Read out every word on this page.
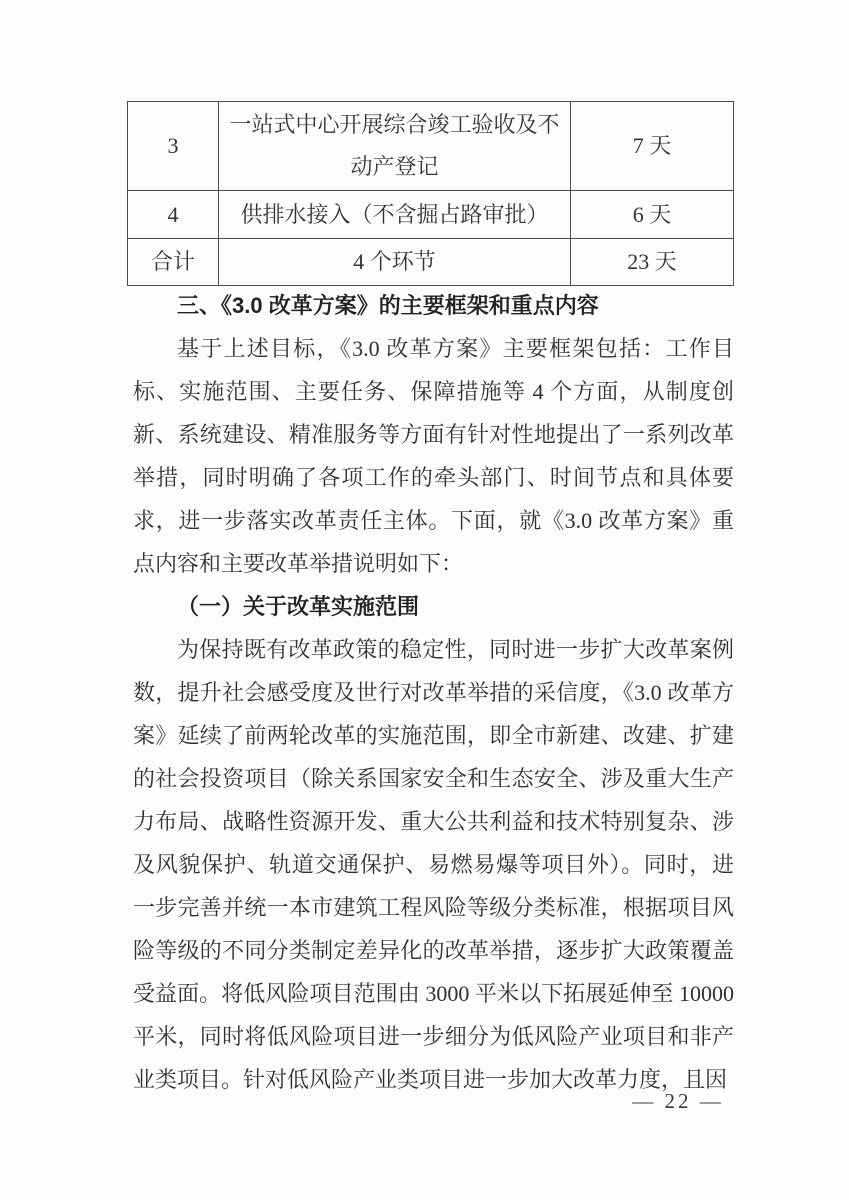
3	一站式中心开展综合竣工验收及不动产登记	7 天
4	供排水接入（不含掘占路审批）	6 天
合计	4 个环节	23 天
三、《3.0 改革方案》的主要框架和重点内容

基于上述目标，《3.0 改革方案》主要框架包括：工作目标、实施范围、主要任务、保障措施等 4 个方面，从制度创新、系统建设、精准服务等方面有针对性地提出了一系列改革举措，同时明确了各项工作的牵头部门、时间节点和具体要求，进一步落实改革责任主体。下面，就《3.0 改革方案》重点内容和主要改革举措说明如下：

（一）关于改革实施范围

为保持既有改革政策的稳定性，同时进一步扩大改革案例数，提升社会感受度及世行对改革举措的采信度，《3.0 改革方案》延续了前两轮改革的实施范围，即全市新建、改建、扩建的社会投资项目（除关系国家安全和生态安全、涉及重大生产力布局、战略性资源开发、重大公共利益和技术特别复杂、涉及风貌保护、轨道交通保护、易燃易爆等项目外）。同时，进一步完善并统一本市建筑工程风险等级分类标准，根据项目风险等级的不同分类制定差异化的改革举措，逐步扩大政策覆盖受益面。将低风险项目范围由 3000 平米以下拓展延伸至 10000 平米，同时将低风险项目进一步细分为低风险产业项目和非产业类项目。针对低风险产业类项目进一步加大改革力度，且因

— 22 —
